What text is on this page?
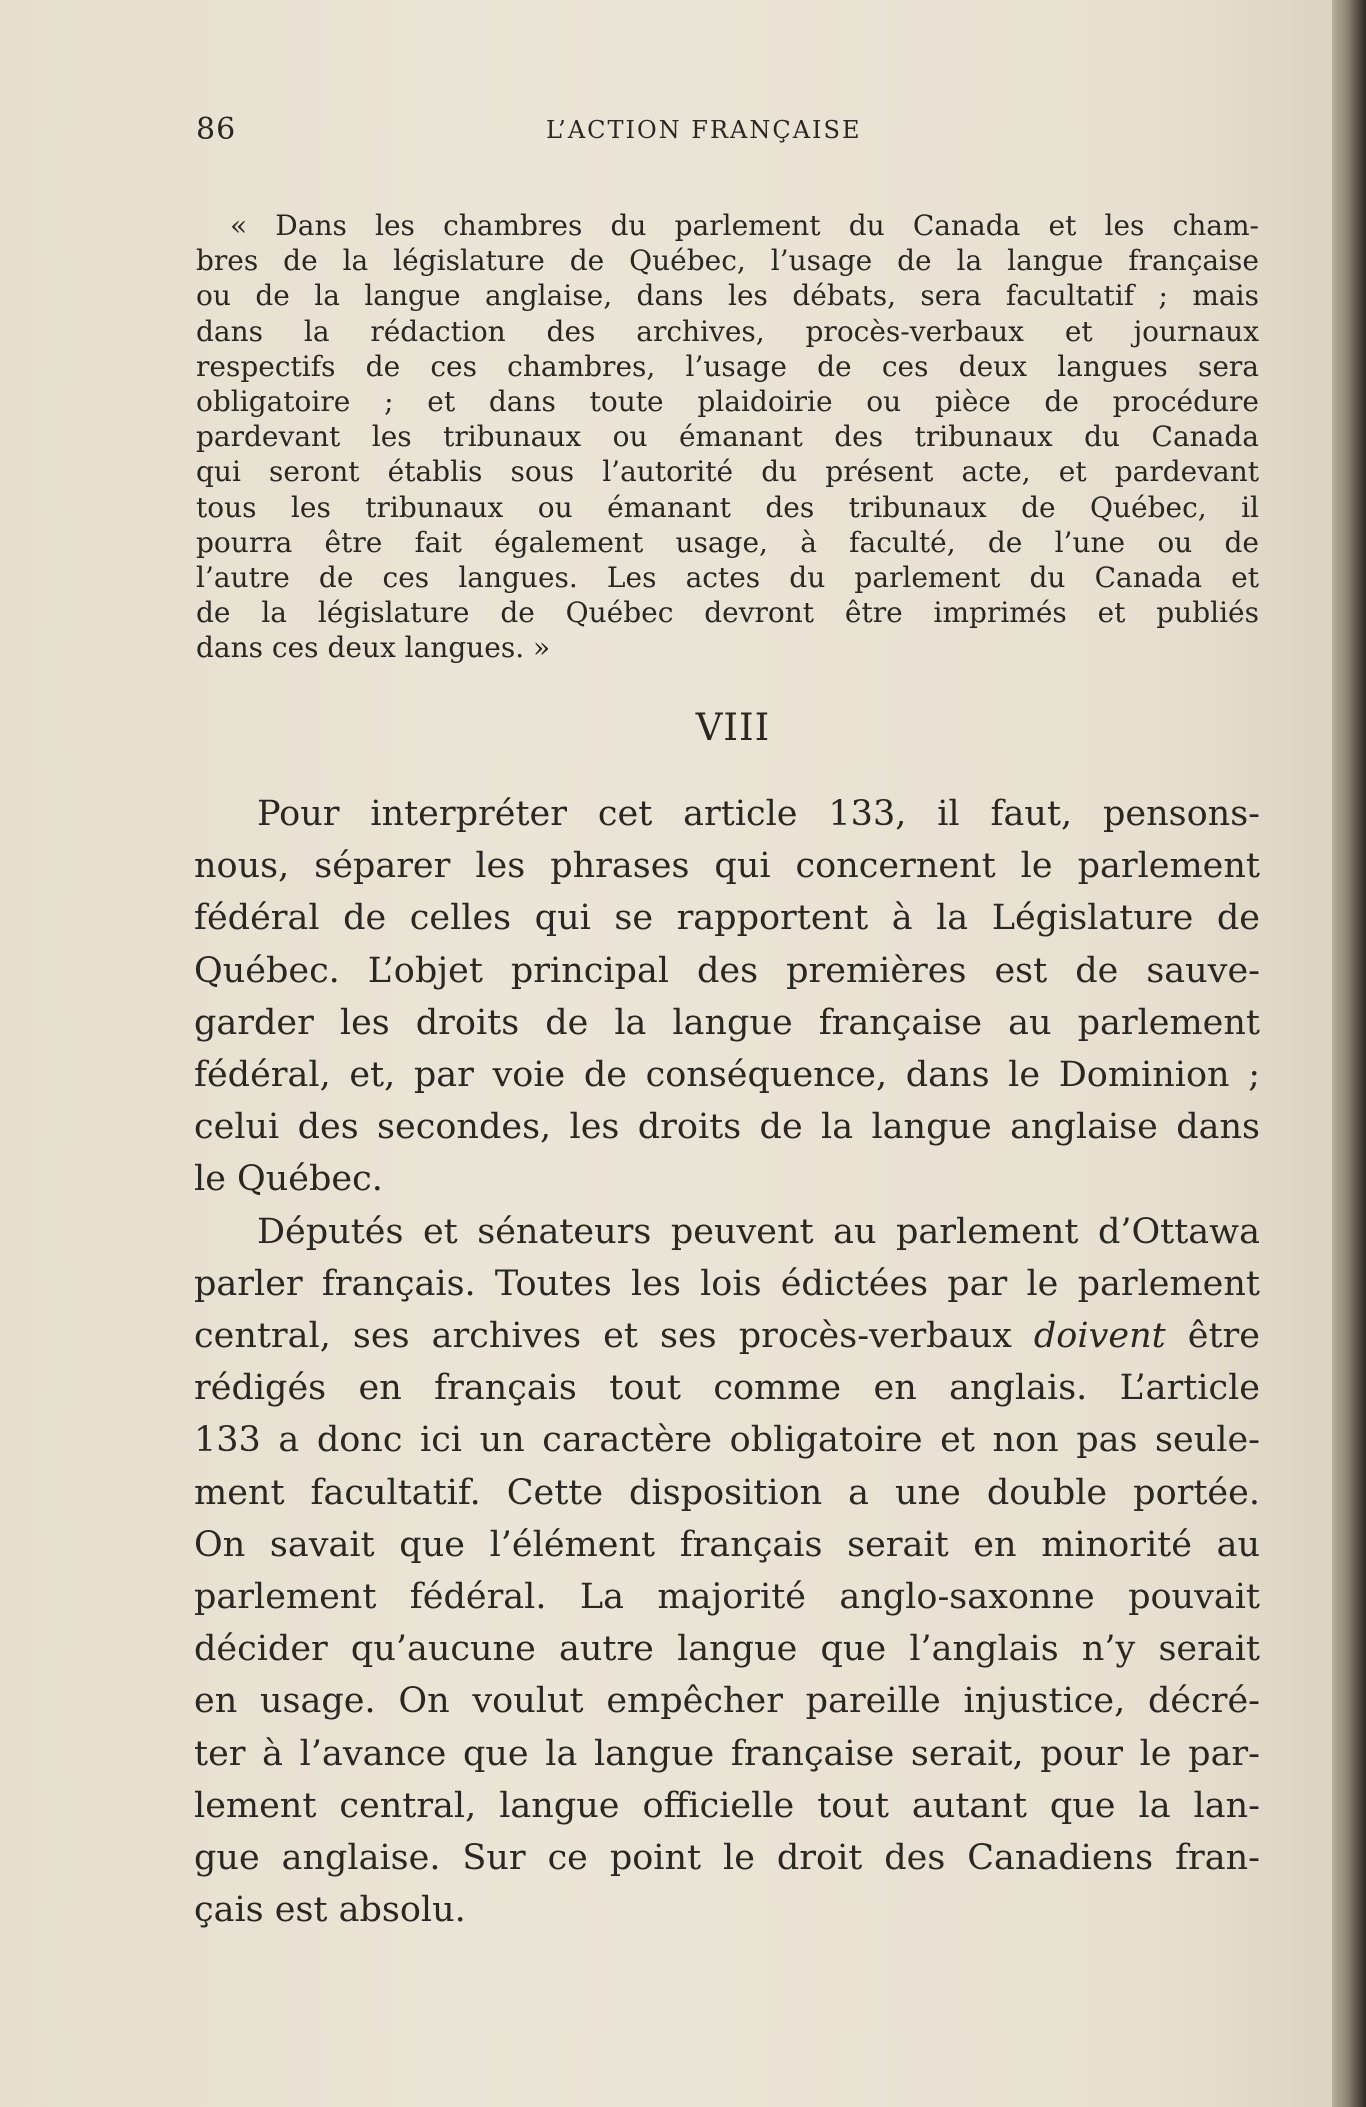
86	L’ACTION FRANÇAISE
« Dans les chambres du parlement du Canada et les cham-
bres de la législature de Québec, l’usage de la langue française
ou de la langue anglaise, dans les débats, sera facultatif ; mais
dans la rédaction des archives, procès-verbaux et journaux
respectifs de ces chambres, l’usage de ces deux langues sera
obligatoire ; et dans toute plaidoirie ou pièce de procédure
pardevant les tribunaux ou émanant des tribunaux du Canada
qui seront établis sous l’autorité du présent acte, et pardevant
tous les tribunaux ou émanant des tribunaux de Québec, il
pourra être fait également usage, à faculté, de l’une ou de
l’autre de ces langues. Les actes du parlement du Canada et
de la législature de Québec devront être imprimés et publiés
dans ces deux langues. »
VIII
Pour interpréter cet article 133, il faut, pensons-
nous, séparer les phrases qui concernent le parlement
fédéral de celles qui se rapportent à la Législature de
Québec. L’objet principal des premières est de sauve-
garder les droits de la langue française au parlement
fédéral, et, par voie de conséquence, dans le Dominion ;
celui des secondes, les droits de la langue anglaise dans
le Québec.
Députés et sénateurs peuvent au parlement d’Ottawa
parler français. Toutes les lois édictées par le parlement
central, ses archives et ses procès-verbaux doivent être
rédigés en français tout comme en anglais. L’article
133 a donc ici un caractère obligatoire et non pas seule-
ment facultatif. Cette disposition a une double portée.
On savait que l’élément français serait en minorité au
parlement fédéral. La majorité anglo-saxonne pouvait
décider qu’aucune autre langue que l’anglais n’y serait
en usage. On voulut empêcher pareille injustice, décré-
ter à l’avance que la langue française serait, pour le par-
lement central, langue officielle tout autant que la lan-
gue anglaise. Sur ce point le droit des Canadiens fran-
çais est absolu.
